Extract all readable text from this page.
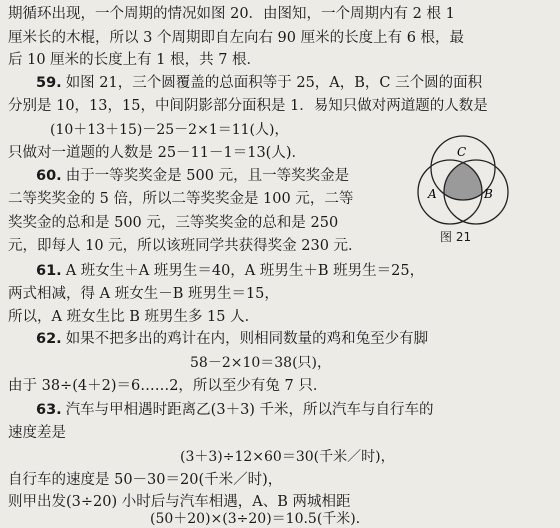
期循环出现，一个周期的情况如图 20．由图知，一个周期内有 2 根 1
厘米长的木棍，所以 3 个周期即自左向右 90 厘米的长度上有 6 根，最
后 10 厘米的长度上有 1 根，共 7 根．
59. 如图 21，三个圆覆盖的总面积等于 25，A，B，C 三个圆的面积
分别是 10，13，15，中间阴影部分面积是 1．易知只做对两道题的人数是
(10＋13＋15)－25－2×1＝11(人)，
只做对一道题的人数是 25－11－1＝13(人)．
60. 由于一等奖奖金是 500 元，且一等奖奖金是
二等奖奖金的 5 倍，所以二等奖奖金是 100 元，二等
奖奖金的总和是 500 元，三等奖奖金的总和是 250
元，即每人 10 元，所以该班同学共获得奖金 230 元．
C
A	B
图 21
61. A 班女生＋A 班男生＝40，A 班男生＋B 班男生＝25，
两式相减，得 A 班女生－B 班男生＝15，
所以，A 班女生比 B 班男生多 15 人．
62. 如果不把多出的鸡计在内，则相同数量的鸡和兔至少有脚
58－2×10＝38(只)，
由于 38÷(4＋2)＝6……2，所以至少有兔 7 只．
63. 汽车与甲相遇时距离乙(3＋3) 千米，所以汽车与自行车的
速度差是
(3＋3)÷12×60＝30(千米／时)，
自行车的速度是 50－30＝20(千米／时)，
则甲出发(3÷20) 小时后与汽车相遇，A、B 两城相距
(50＋20)×(3÷20)＝10.5(千米)．
